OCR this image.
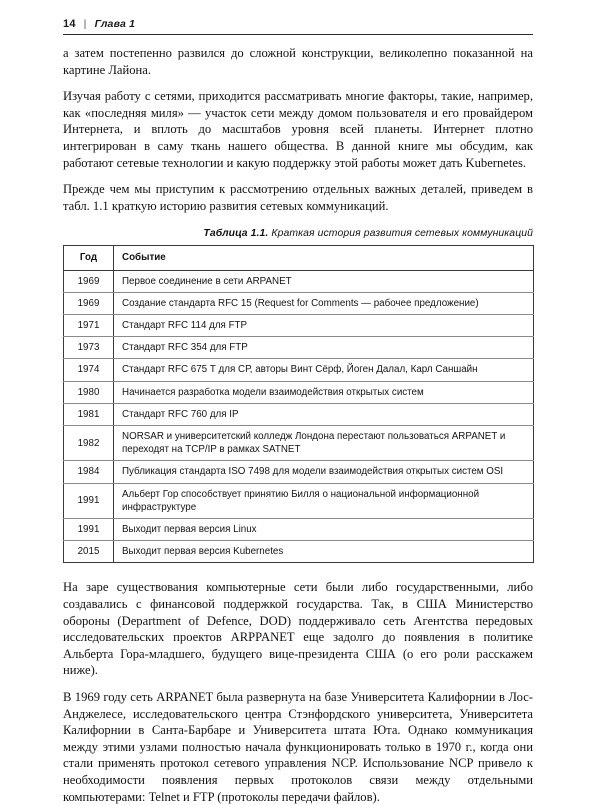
14 | Глава 1

а затем постепенно развился до сложной конструкции, великолепно показанной на картине Лайона.

Изучая работу с сетями, приходится рассматривать многие факторы, такие, например, как «последняя миля» — участок сети между домом пользователя и его провайдером Интернета, и вплоть до масштабов уровня всей планеты. Интернет плотно интегрирован в саму ткань нашего общества. В данной книге мы обсудим, как работают сетевые технологии и какую поддержку этой работы может дать Kubernetes.

Прежде чем мы приступим к рассмотрению отдельных важных деталей, приведем в табл. 1.1 краткую историю развития сетевых коммуникаций.

Таблица 1.1. Краткая история развития сетевых коммуникаций
Год	Событие
1969	Первое соединение в сети ARPANET
1969	Создание стандарта RFC 15 (Request for Comments — рабочее предложение)
1971	Стандарт RFC 114 для FTP
1973	Стандарт RFC 354 для FTP
1974	Стандарт RFC 675 Т для СР, авторы Винт Сёрф, Йоген Далал, Карл Саншайн
1980	Начинается разработка модели взаимодействия открытых систем
1981	Стандарт RFC 760 для IP
1982	NORSAR и университетский колледж Лондона перестают пользоваться ARPANET и переходят на TCP/IP в рамках SATNET
1984	Публикация стандарта ISO 7498 для модели взаимодействия открытых систем OSI
1991	Альберт Гор способствует принятию Билля о национальной информационной инфраструктуре
1991	Выходит первая версия Linux
2015	Выходит первая версия Kubernetes

На заре существования компьютерные сети были либо государственными, либо создавались с финансовой поддержкой государства. Так, в США Министерство обороны (Department of Defence, DOD) поддерживало сеть Агентства передовых исследовательских проектов ARPPANET еще задолго до появления в политике Альберта Гора-младшего, будущего вице-президента США (о его роли расскажем ниже).

В 1969 году сеть ARPANET была развернута на базе Университета Калифорнии в Лос-Анджелесе, исследовательского центра Стэнфордского университета, Университета Калифорнии в Санта-Барбаре и Университета штата Юта. Однако коммуникация между этими узлами полностью начала функционировать только в 1970 г., когда они стали применять протокол сетевого управления NCP. Использование NCP привело к необходимости появления первых протоколов связи между отдельными компьютерами: Telnet и FTP (протоколы передачи файлов).
